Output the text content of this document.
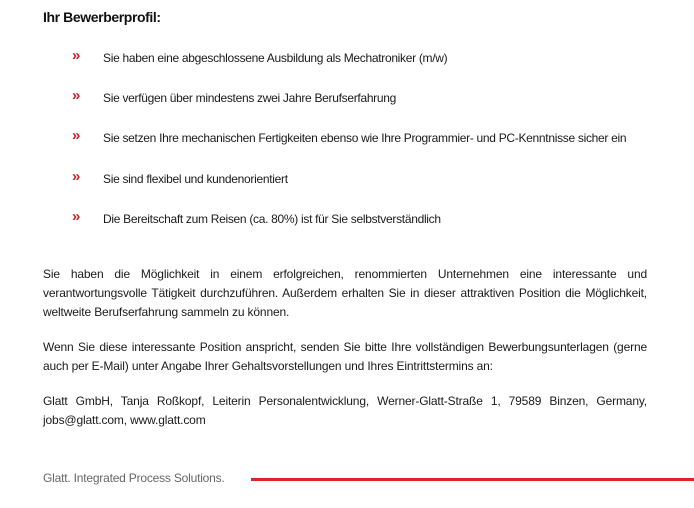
Ihr Bewerberprofil:
» Sie haben eine abgeschlossene Ausbildung als Mechatroniker (m/w)
» Sie verfügen über mindestens zwei Jahre Berufserfahrung
» Sie setzen Ihre mechanischen Fertigkeiten ebenso wie Ihre Programmier- und PC-Kenntnisse sicher ein
» Sie sind flexibel und kundenorientiert
» Die Bereitschaft zum Reisen (ca. 80%) ist für Sie selbstverständlich

Sie haben die Möglichkeit in einem erfolgreichen, renommierten Unternehmen eine interessante und verantwortungsvolle Tätigkeit durchzuführen. Außerdem erhalten Sie in dieser attraktiven Position die Möglichkeit, weltweite Berufserfahrung sammeln zu können.

Wenn Sie diese interessante Position anspricht, senden Sie bitte Ihre vollständigen Bewerbungsunterlagen (gerne auch per E-Mail) unter Angabe Ihrer Gehaltsvorstellungen und Ihres Eintrittstermins an:

Glatt GmbH, Tanja Roßkopf, Leiterin Personalentwicklung, Werner-Glatt-Straße 1, 79589 Binzen, Germany, jobs@glatt.com, www.glatt.com

Glatt. Integrated Process Solutions.
